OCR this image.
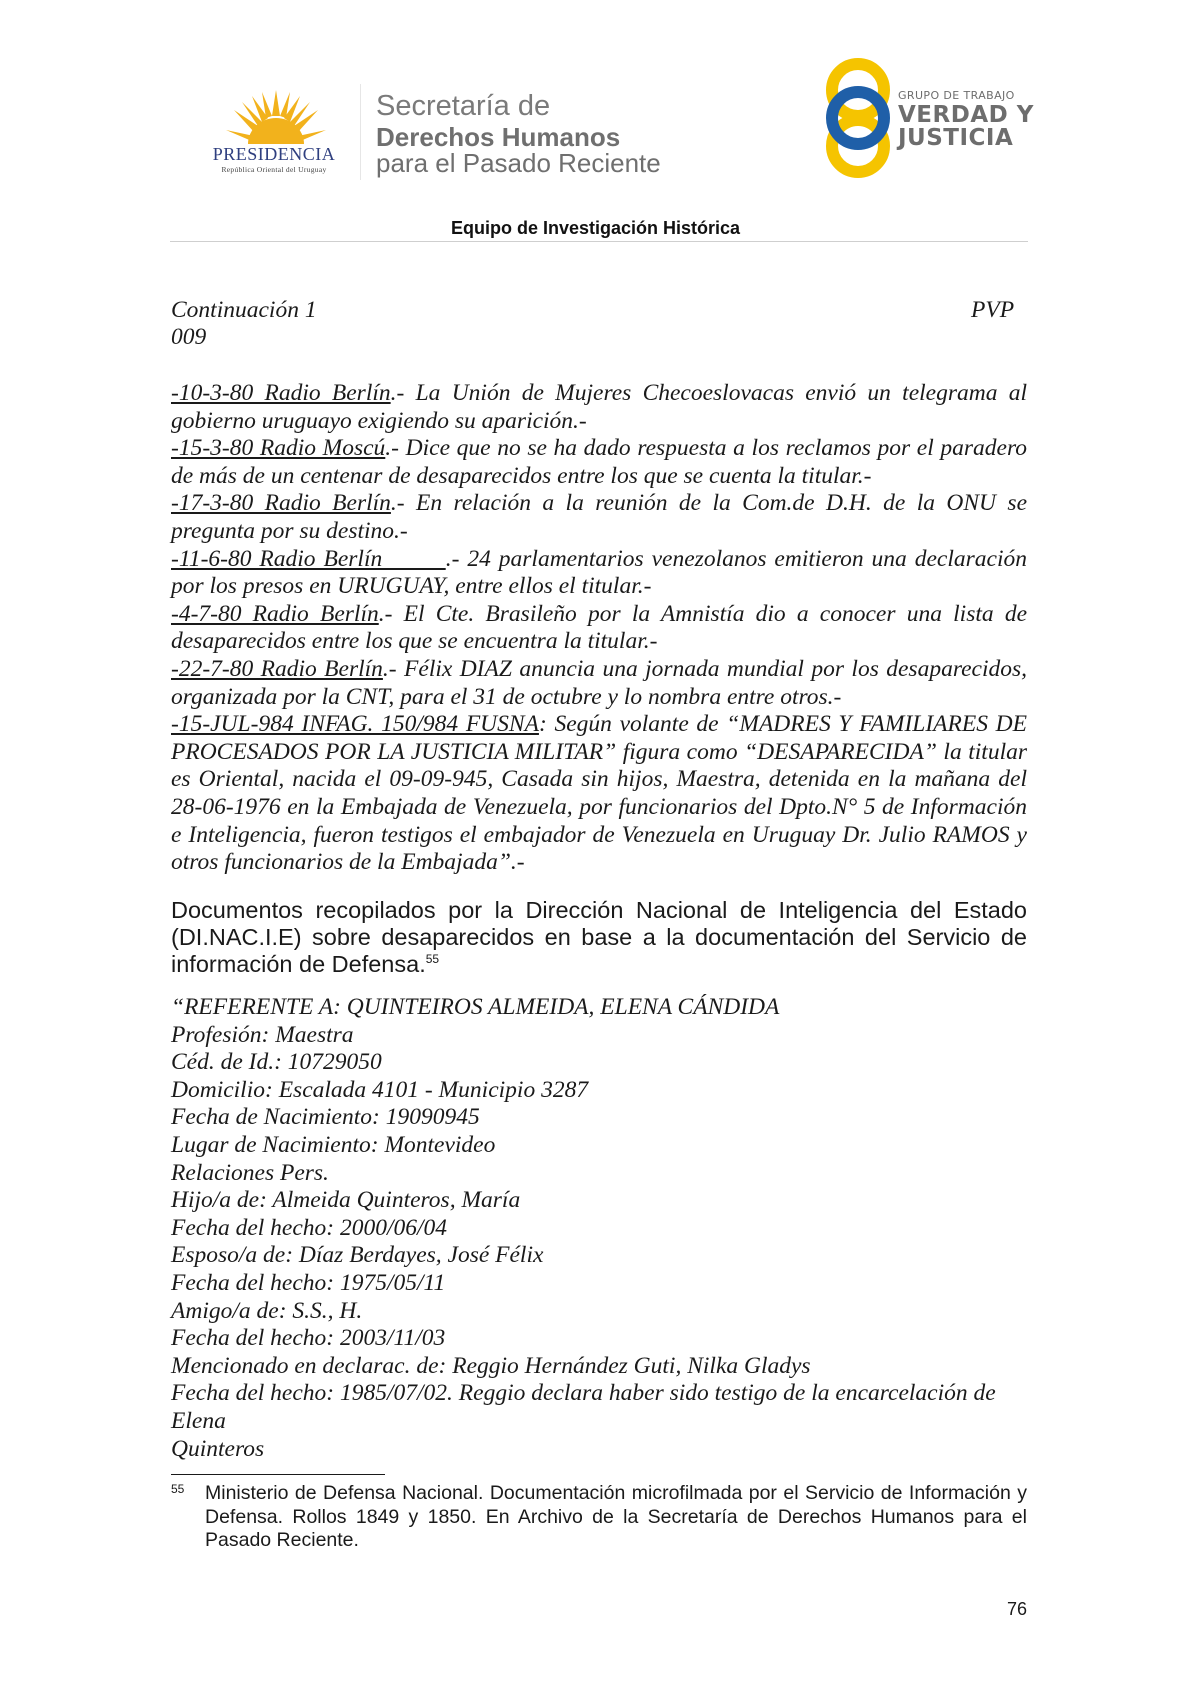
PRESIDENCIA
República Oriental del Uruguay
Secretaría de
Derechos Humanos
para el Pasado Reciente
GRUPO DE TRABAJO
VERDAD Y
JUSTICIA
Equipo de Investigación Histórica
Continuación 1
009
PVP

-10-3-80 Radio Berlín.- La Unión de Mujeres Checoeslovacas envió un telegrama al gobierno uruguayo exigiendo su aparición.-

-15-3-80 Radio Moscú.- Dice que no se ha dado respuesta a los reclamos por el paradero de más de un centenar de desaparecidos entre los que se cuenta la titular.-

-17-3-80 Radio Berlín.- En relación a la reunión de la Com.de D.H. de la ONU se pregunta por su destino.-

-11-6-80 Radio Berlín        .- 24 parlamentarios venezolanos emitieron una declaración por los presos en URUGUAY, entre ellos el titular.-

-4-7-80 Radio Berlín.- El Cte. Brasileño por la Amnistía dio a conocer una lista de desaparecidos entre los que se encuentra la titular.-

-22-7-80 Radio Berlín.- Félix DIAZ anuncia una jornada mundial por los desaparecidos, organizada por la CNT, para el 31 de octubre y lo nombra entre otros.-

-15-JUL-984 INFAG. 150/984 FUSNA: Según volante de “MADRES Y FAMILIARES DE PROCESADOS POR LA JUSTICIA MILITAR” figura como “DESAPARECIDA” la titular es Oriental, nacida el 09-09-945, Casada sin hijos, Maestra, detenida en la mañana del 28-06-1976 en la Embajada de Venezuela, por funcionarios del Dpto.N° 5 de Información e Inteligencia, fueron testigos el embajador de Venezuela en Uruguay Dr. Julio RAMOS y otros funcionarios de la Embajada”.-

Documentos recopilados por la Dirección Nacional de Inteligencia del Estado (DI.NAC.I.E) sobre desaparecidos en base a la documentación del Servicio de información de Defensa.$^{55}$

“REFERENTE A: QUINTEIROS ALMEIDA, ELENA CÁNDIDA

Profesión: Maestra

Céd. de Id.: 10729050

Domicilio: Escalada 4101 - Municipio 3287

Fecha de Nacimiento: 19090945

Lugar de Nacimiento: Montevideo

Relaciones Pers.

Hijo/a de: Almeida Quinteros, María

Fecha del hecho: 2000/06/04

Esposo/a de: Díaz Berdayes, José Félix

Fecha del hecho: 1975/05/11

Amigo/a de: S.S., H.

Fecha del hecho: 2003/11/03

Mencionado en declarac. de: Reggio Hernández Guti, Nilka Gladys

Fecha del hecho: 1985/07/02. Reggio declara haber sido testigo de la encarcelación de Elena

Quinteros

55 Ministerio de Defensa Nacional. Documentación microfilmada por el Servicio de Información y Defensa. Rollos 1849 y 1850. En Archivo de la Secretaría de Derechos Humanos para el Pasado Reciente.
76
